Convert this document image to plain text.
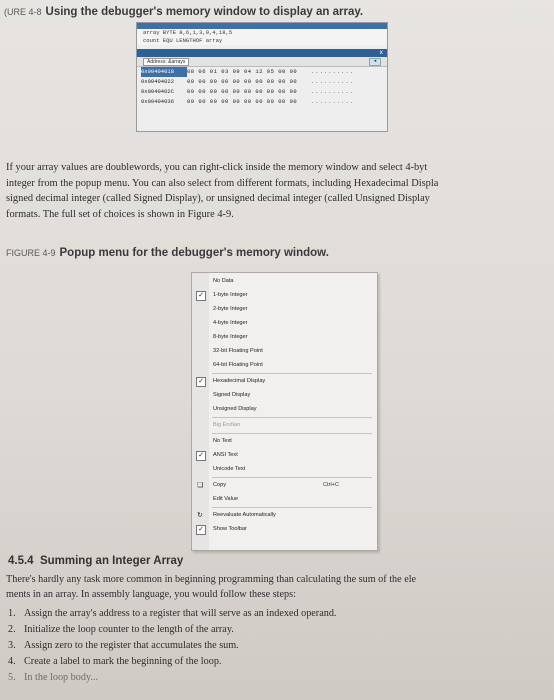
(URE 4-8 Using the debugger's memory window to display an array.
array BYTE 8,6,1,3,9,4,18,5
count EQU LENGTHOF array
x
Address: &arrays	◂
0x00404018 08 06 01 03 09 04 12 05 00 00	..........
0x00404022 00 00 00 00 00 00 00 00 00 00	..........
0x0040402C 00 00 00 00 00 00 00 00 00 00	..........
0x00404036 00 00 00 00 00 00 00 00 00 00	..........
If your array values are doublewords, you can right-click inside the memory window and select 4-byt
integer from the popup menu. You can also select from different formats, including Hexadecimal Displa
signed decimal integer (called Signed Display), or unsigned decimal integer (called Unsigned Display
formats. The full set of choices is shown in Figure 4-9.
FIGURE 4-9 Popup menu for the debugger's memory window.
No Data
✓	1-byte Integer
2-byte Integer
4-byte Integer
8-byte Integer
32-bit Floating Point
64-bit Floating Point
✓	Hexadecimal Display
Signed Display
Unsigned Display
Big Endian
No Text
✓	ANSI Text
Unicode Text
❏ Copy	Ctrl+C
Edit Value
↻ Reevaluate Automatically
✓	Show Toolbar
4.5.4 Summing an Integer Array
There's hardly any task more common in beginning programming than calculating the sum of the ele
ments in an array. In assembly language, you would follow these steps:
1. Assign the array's address to a register that will serve as an indexed operand.
2. Initialize the loop counter to the length of the array.
3. Assign zero to the register that accumulates the sum.
4. Create a label to mark the beginning of the loop.
5. In the loop body...
